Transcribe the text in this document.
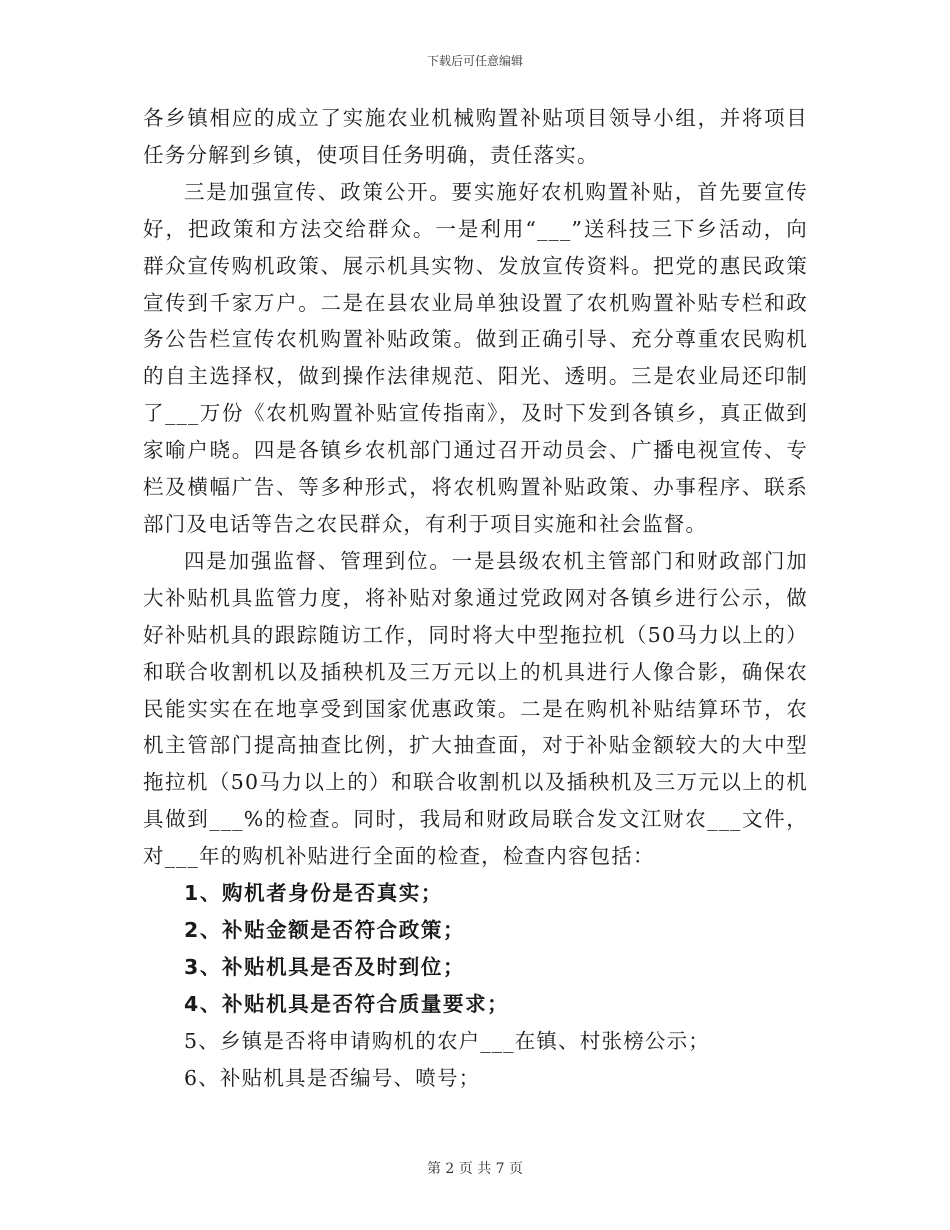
下载后可任意编辑

各乡镇相应的成立了实施农业机械购置补贴项目领导小组，并将项目任务分解到乡镇，使项目任务明确，责任落实。

三是加强宣传、政策公开。要实施好农机购置补贴，首先要宣传好，把政策和方法交给群众。一是利用“___”送科技三下乡活动，向群众宣传购机政策、展示机具实物、发放宣传资料。把党的惠民政策宣传到千家万户。二是在县农业局单独设置了农机购置补贴专栏和政务公告栏宣传农机购置补贴政策。做到正确引导、充分尊重农民购机的自主选择权，做到操作法律规范、阳光、透明。三是农业局还印制了___万份《农机购置补贴宣传指南》，及时下发到各镇乡，真正做到家喻户晓。四是各镇乡农机部门通过召开动员会、广播电视宣传、专栏及横幅广告、等多种形式，将农机购置补贴政策、办事程序、联系部门及电话等告之农民群众，有利于项目实施和社会监督。

四是加强监督、管理到位。一是县级农机主管部门和财政部门加大补贴机具监管力度，将补贴对象通过党政网对各镇乡进行公示，做好补贴机具的跟踪随访工作，同时将大中型拖拉机（50马力以上的）和联合收割机以及插秧机及三万元以上的机具进行人像合影，确保农民能实实在在地享受到国家优惠政策。二是在购机补贴结算环节，农机主管部门提高抽查比例，扩大抽查面，对于补贴金额较大的大中型拖拉机（50马力以上的）和联合收割机以及插秧机及三万元以上的机具做到___%的检查。同时，我局和财政局联合发文江财农___文件，对___年的购机补贴进行全面的检查，检查内容包括：

1、购机者身份是否真实；

2、补贴金额是否符合政策；

3、补贴机具是否及时到位；

4、补贴机具是否符合质量要求；

5、乡镇是否将申请购机的农户___在镇、村张榜公示；

6、补贴机具是否编号、喷号；

第 2 页 共 7 页
